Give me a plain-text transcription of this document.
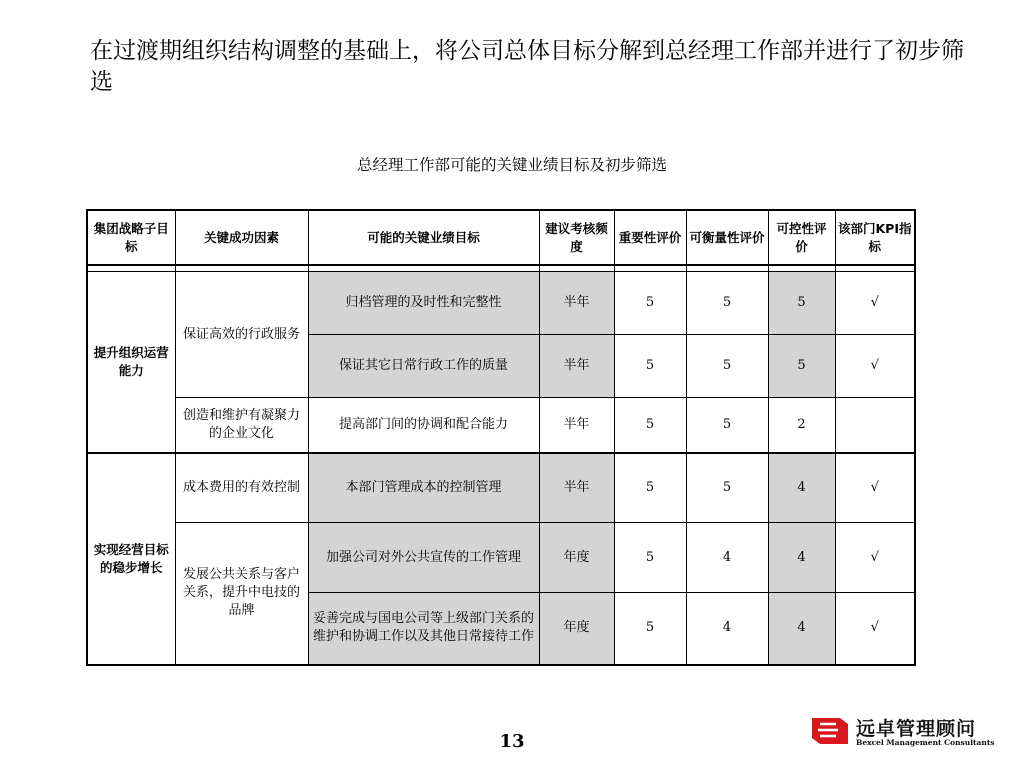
在过渡期组织结构调整的基础上，将公司总体目标分解到总经理工作部并进行了初步筛选
总经理工作部可能的关键业绩目标及初步筛选
集团战略子目标	关键成功因素	可能的关键业绩目标	建议考核频度	重要性评价	可衡量性评价	可控性评价	该部门KPI指标

提升组织运营能力	保证高效的行政服务	归档管理的及时性和完整性	半年	5	5	5	√
		保证其它日常行政工作的质量	半年	5	5	5	√
	创造和维护有凝聚力的企业文化	提高部门间的协调和配合能力	半年	5	5	2	
实现经营目标的稳步增长	成本费用的有效控制	本部门管理成本的控制管理	半年	5	5	4	√
	发展公共关系与客户关系，提升中电技的品牌	加强公司对外公共宣传的工作管理	年度	5	4	4	√
		妥善完成与国电公司等上级部门关系的维护和协调工作以及其他日常接待工作	年度	5	4	4	√
13
远卓管理顾问
Bexcel Management Consultants
